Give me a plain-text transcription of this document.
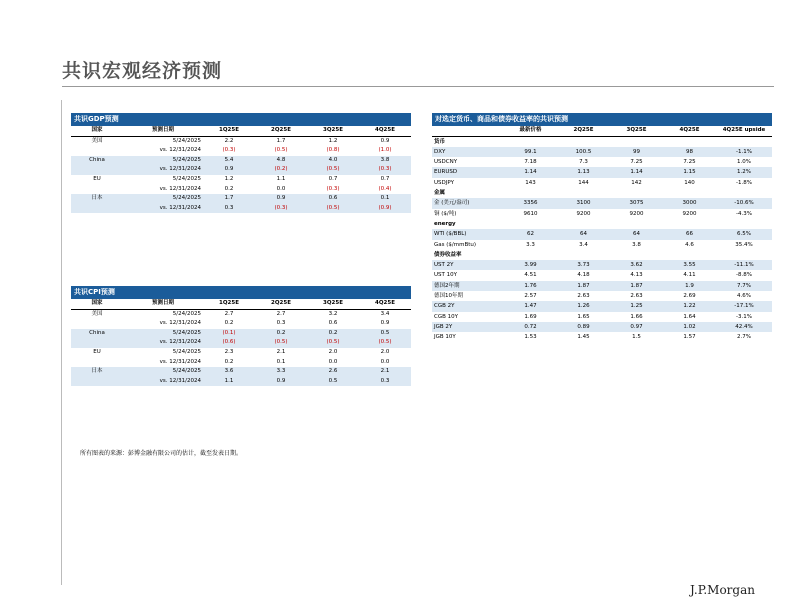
共识宏观经济预测
共识GDP预测
国家	预测日期	1Q25E	2Q25E	3Q25E	4Q25E
美国	5/24/2025	2.2	1.7	1.2	0.9
	vs. 12/31/2024	(0.3)	(0.5)	(0.8)	(1.0)
China	5/24/2025	5.4	4.8	4.0	3.8
	vs. 12/31/2024	0.9	(0.2)	(0.5)	(0.3)
EU	5/24/2025	1.2	1.1	0.7	0.7
	vs. 12/31/2024	0.2	0.0	(0.3)	(0.4)
日本	5/24/2025	1.7	0.9	0.6	0.1
	vs. 12/31/2024	0.3	(0.3)	(0.5)	(0.9)
共识CPI预测
国家	预测日期	1Q25E	2Q25E	3Q25E	4Q25E
美国	5/24/2025	2.7	2.7	3.2	3.4
	vs. 12/31/2024	0.2	0.3	0.6	0.9
China	5/24/2025	(0.1)	0.2	0.2	0.5
	vs. 12/31/2024	(0.6)	(0.5)	(0.5)	(0.5)
EU	5/24/2025	2.3	2.1	2.0	2.0
	vs. 12/31/2024	0.2	0.1	0.0	0.0
日本	5/24/2025	3.6	3.3	2.6	2.1
	vs. 12/31/2024	1.1	0.9	0.5	0.3
对选定货币、商品和债券收益率的共识预测
	最新价格	2Q25E	3Q25E	4Q25E	4Q25E upside
货币					
DXY	99.1	100.5	99	98	-1.1%
USDCNY	7.18	7.3	7.25	7.25	1.0%
EURUSD	1.14	1.13	1.14	1.15	1.2%
USDJPY	143	144	142	140	-1.8%
金属					
金 (美元/盎司)	3356	3100	3075	3000	-10.6%
铜 ($/吨)	9610	9200	9200	9200	-4.3%
energy					
WTI ($/BBL)	62	64	64	66	6.5%
Gas ($/mmBtu)	3.3	3.4	3.8	4.6	35.4%
债券收益率					
UST 2Y	3.99	3.73	3.62	3.55	-11.1%
UST 10Y	4.51	4.18	4.13	4.11	-8.8%
德国2年期	1.76	1.87	1.87	1.9	7.7%
德国10年期	2.57	2.63	2.63	2.69	4.6%
CGB 2Y	1.47	1.26	1.25	1.22	-17.1%
CGB 10Y	1.69	1.65	1.66	1.64	-3.1%
JGB 2Y	0.72	0.89	0.97	1.02	42.4%
JGB 10Y	1.53	1.45	1.5	1.57	2.7%
所有图表的来源：彭博金融有限公司的估计，截至发表日期。
J.P.Morgan
